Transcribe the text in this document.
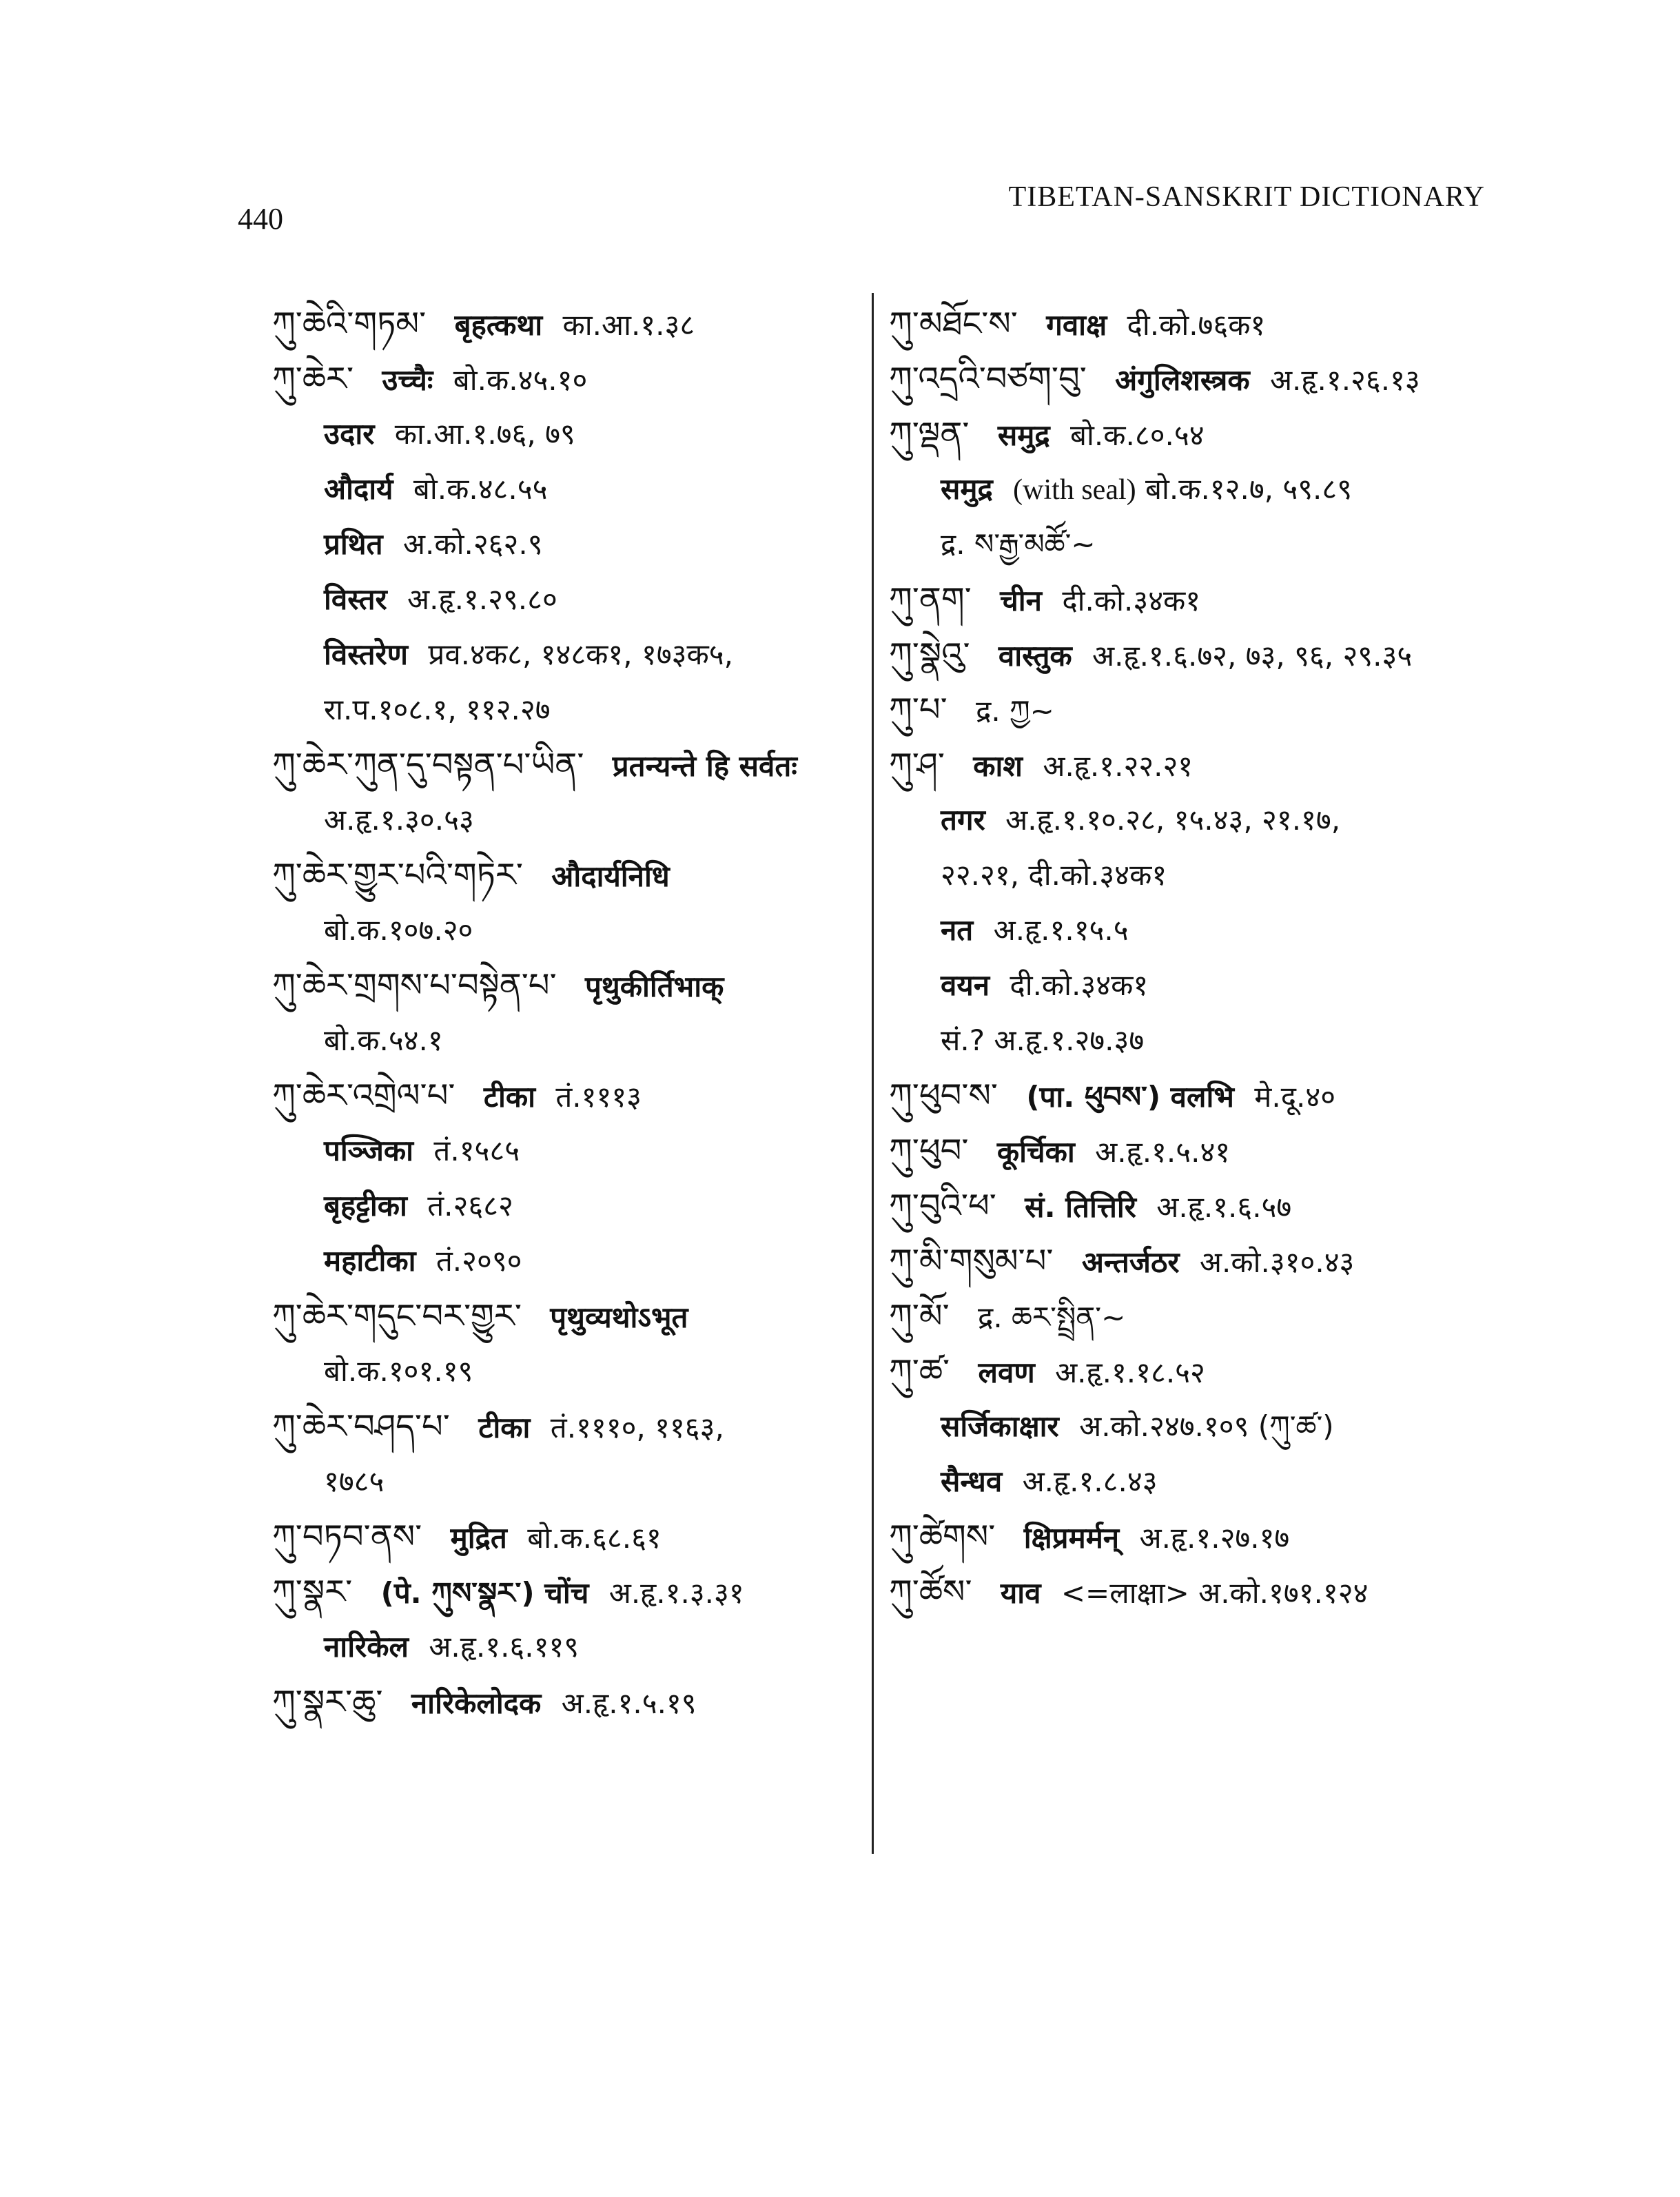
440
TIBETAN-SANSKRIT DICTIONARY
ཀུ་ཆེའི་གཏམ་ बृहत्कथा का.आ.१.३८
ཀུ་ཆེར་ उच्चैः बो.क.४५.१०
उदार का.आ.१.७६, ७९
औदार्य बो.क.४८.५५
प्रथित अ.को.२६२.९
विस्तर अ.हृ.१.२९.८०
विस्तरेण प्रव.४क८, १४८क१, १७३क५,
रा.प.१०८.१, ११२.२७
ཀུ་ཆེར་ཀུན་དུ་བསྟན་པ་ཡིན་ प्रतन्यन्ते हि सर्वतः
अ.हृ.१.३०.५३
ཀུ་ཆེར་གྱུར་པའི་གཏེར་ औदार्यनिधि
बो.क.१०७.२०
ཀུ་ཆེར་གྲགས་པ་བསྟེན་པ་ पृथुकीर्तिभाक्
बो.क.५४.१
ཀུ་ཆེར་འགྲེལ་པ་ टीका तं.१११३
पञ्जिका तं.१५८५
बृहट्टीका तं.२६८२
महाटीका तं.२०९०
ཀུ་ཆེར་གདུང་བར་གྱུར་ पृथुव्यथोऽभूत
बो.क.१०१.१९
ཀུ་ཆེར་བཤད་པ་ टीका तं.१११०, ११६३,
१७८५
ཀུ་བཏབ་ནས་ मुद्रित बो.क.६८.६१
ཀུ་སྣར་ (पे. ཀུས་སྣར་) चोंच अ.हृ.१.३.३१
नारिकेल अ.हृ.१.६.११९
ཀུ་སྣར་ཆུ་ नारिकेलोदक अ.हृ.१.५.१९
ཀུ་མཐོང་ས་ गवाक्ष दी.को.७६क१
ཀུ་འདྲའི་བཙག་བུ་ अंगुलिशस्त्रक अ.हृ.१.२६.१३
ཀུ་ལྡན་ समुद्र बो.क.८०.५४
समुद्र (with seal) बो.क.१२.७, ५९.८९
द्र. ས་རྒྱ་མཚོ་~
ཀུ་ནག་ चीन दी.को.३४क१
ཀུ་སྣེའུ་ वास्तुक अ.हृ.१.६.७२, ७३, ९६, २९.३५
ཀུ་པ་ द्र. ཀྱ~
ཀུ་ཤ་ काश अ.हृ.१.२२.२१
तगर अ.हृ.१.१०.२८, १५.४३, २१.१७,
२२.२१, दी.को.३४क१
नत अ.हृ.१.१५.५
वयन दी.को.३४क१
सं.? अ.हृ.१.२७.३७
ཀུ་ཕུབ་ས་ (पा. ཕུབས་) वलभि मे.दू.४०
ཀུ་ཕུབ་ कूर्चिका अ.हृ.१.५.४१
ཀུ་བུའི་ཕ་ सं. तित्तिरि अ.हृ.१.६.५७
ཀུ་མི་གསུམ་པ་ अन्तर्जठर अ.को.३१०.४३
ཀུ་མོ་ द्र. ཆར་སྤྲིན་~
ཀུ་ཚ་ लवण अ.हृ.१.१८.५२
सर्जिकाक्षार अ.को.२४७.१०९ (ཀུ་ཚ་)
सैन्धव अ.हृ.१.८.४३
ཀུ་ཚེགས་ क्षिप्रमर्मन् अ.हृ.१.२७.१७
ཀུ་ཚོས་ याव <=लाक्षा> अ.को.१७१.१२४
